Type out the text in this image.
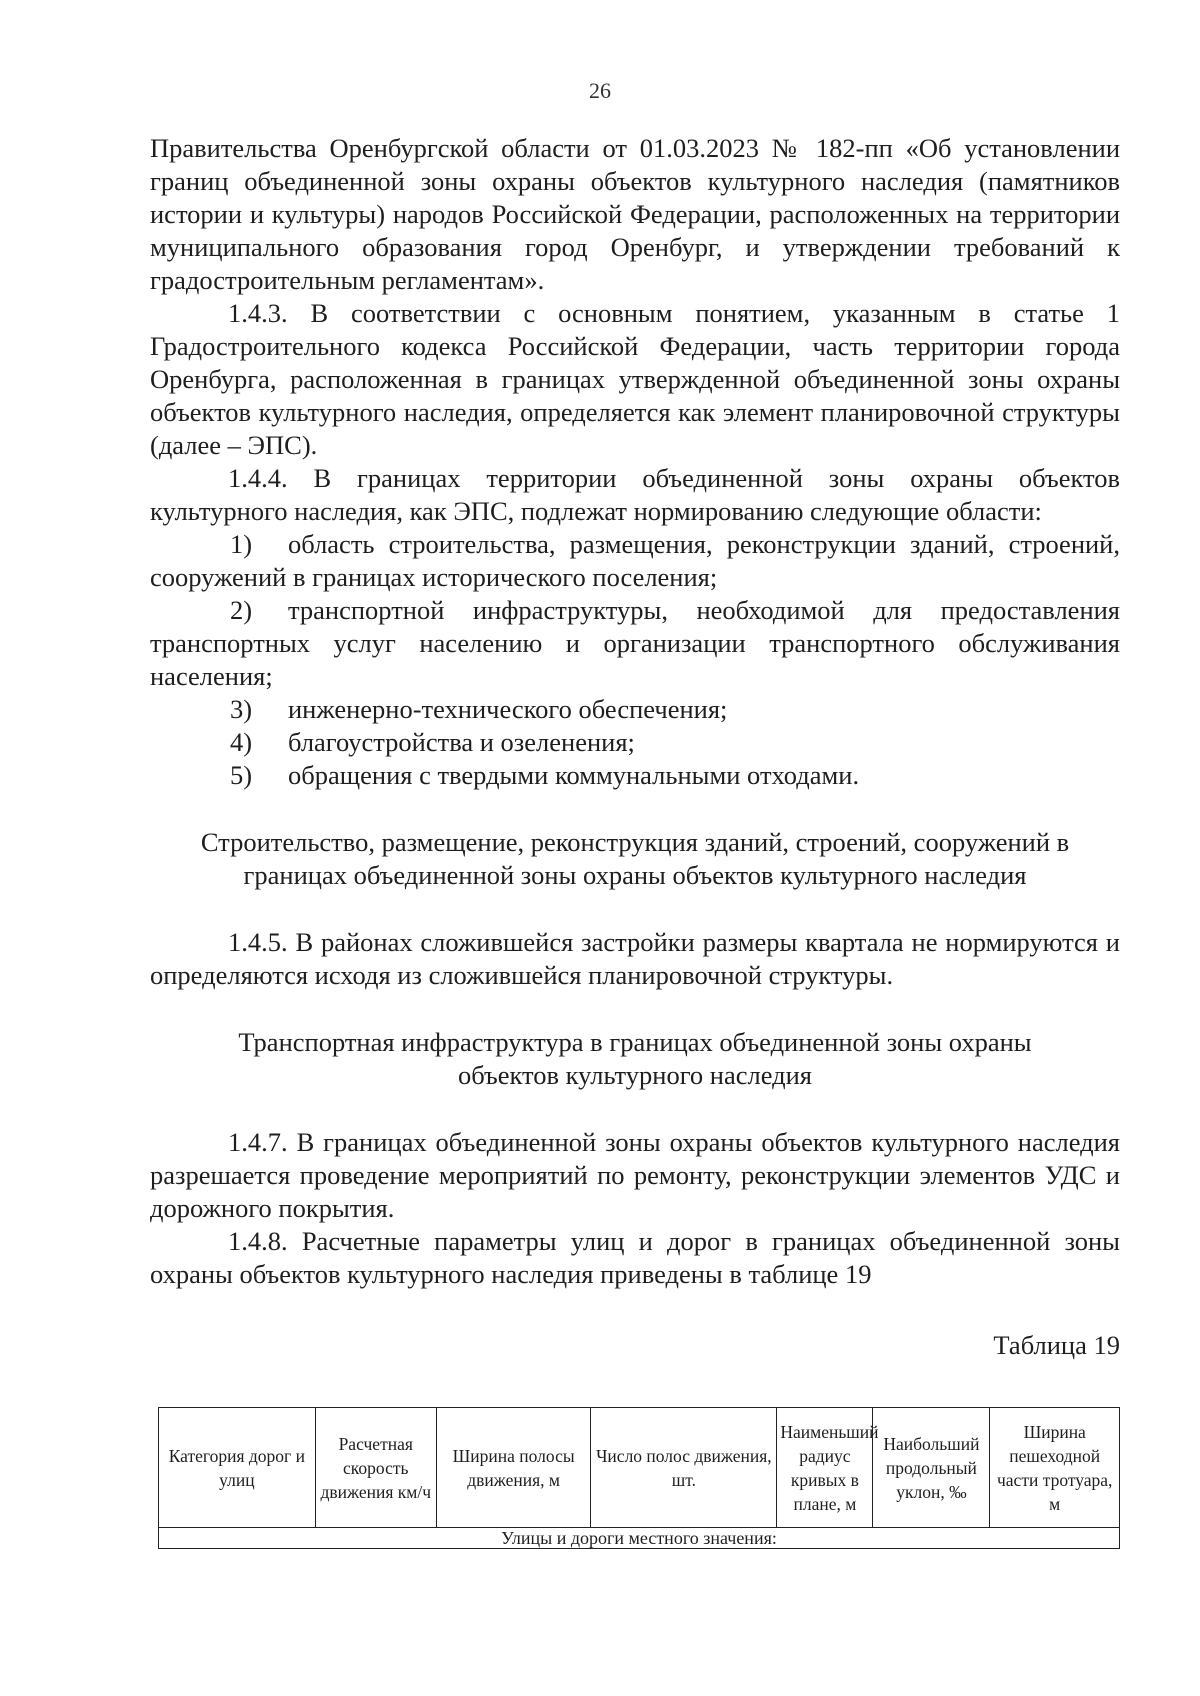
26

Правительства Оренбургской области от 01.03.2023 № 182-пп «Об установлении границ объединенной зоны охраны объектов культурного наследия (памятников истории и культуры) народов Российской Федерации, расположенных на территории муниципального образования город Оренбург, и утверждении требований к градостроительным регламентам».

1.4.3. В соответствии с основным понятием, указанным в статье 1 Градостроительного кодекса Российской Федерации, часть территории города Оренбурга, расположенная в границах утвержденной объединенной зоны охраны объектов культурного наследия, определяется как элемент планировочной структуры (далее – ЭПС).

1.4.4. В границах территории объединенной зоны охраны объектов культурного наследия, как ЭПС, подлежат нормированию следующие области:

1) область строительства, размещения, реконструкции зданий, строений, сооружений в границах исторического поселения;

2) транспортной инфраструктуры, необходимой для предоставления транспортных услуг населению и организации транспортного обслуживания населения;

3)	инженерно-технического обеспечения;

4)	благоустройства и озеленения;

5)	обращения с твердыми коммунальными отходами.

Строительство, размещение, реконструкция зданий, строений, сооружений в границах объединенной зоны охраны объектов культурного наследия

1.4.5. В районах сложившейся застройки размеры квартала не нормируются и определяются исходя из сложившейся планировочной структуры.

Транспортная инфраструктура в границах объединенной зоны охраны объектов культурного наследия

1.4.7. В границах объединенной зоны охраны объектов культурного наследия разрешается проведение мероприятий по ремонту, реконструкции элементов УДС и дорожного покрытия.

1.4.8. Расчетные параметры улиц и дорог в границах объединенной зоны охраны объектов культурного наследия приведены в таблице 19

Таблица 19

Категория дорог и улиц	Расчетная скорость движения км/ч	Ширина полосы движения, м	Число полос движения, шт.	Наименьший радиус кривых в плане, м	Наибольший продольный уклон, ‰	Ширина пешеходной части тротуара, м
Улицы и дороги местного значения:
